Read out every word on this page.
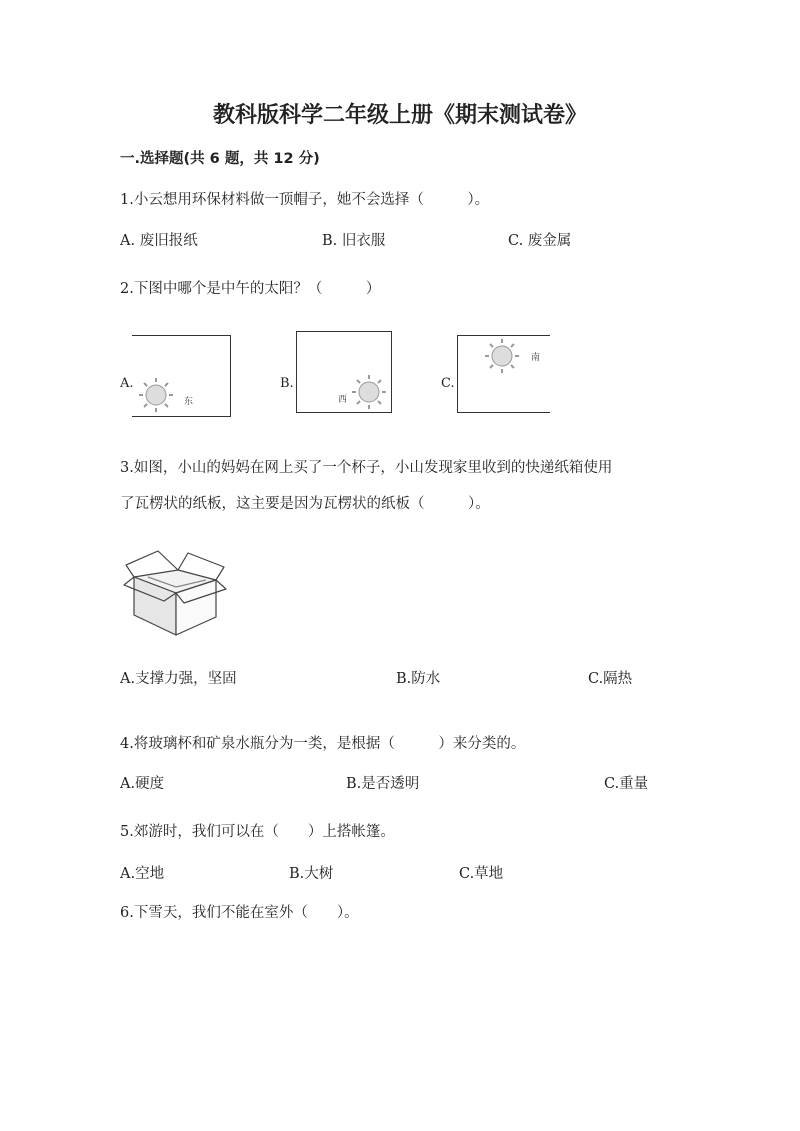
教科版科学二年级上册《期末测试卷》
一.选择题(共 6 题，共 12 分)
1.小云想用环保材料做一顶帽子，她不会选择（　　　）。
A. 废旧报纸	B. 旧衣服	C. 废金属
2.下图中哪个是中午的太阳？（　　　）
东
A.
西
B.
南
C.
3.如图，小山的妈妈在网上买了一个杯子，小山发现家里收到的快递纸箱使用
了瓦楞状的纸板，这主要是因为瓦楞状的纸板（　　　）。
A.支撑力强，坚固	B.防水	C.隔热
4.将玻璃杯和矿泉水瓶分为一类，是根据（　　　）来分类的。
A.硬度	B.是否透明	C.重量
5.郊游时，我们可以在（　　）上搭帐篷。
A.空地	B.大树	C.草地
6.下雪天，我们不能在室外（　　）。
